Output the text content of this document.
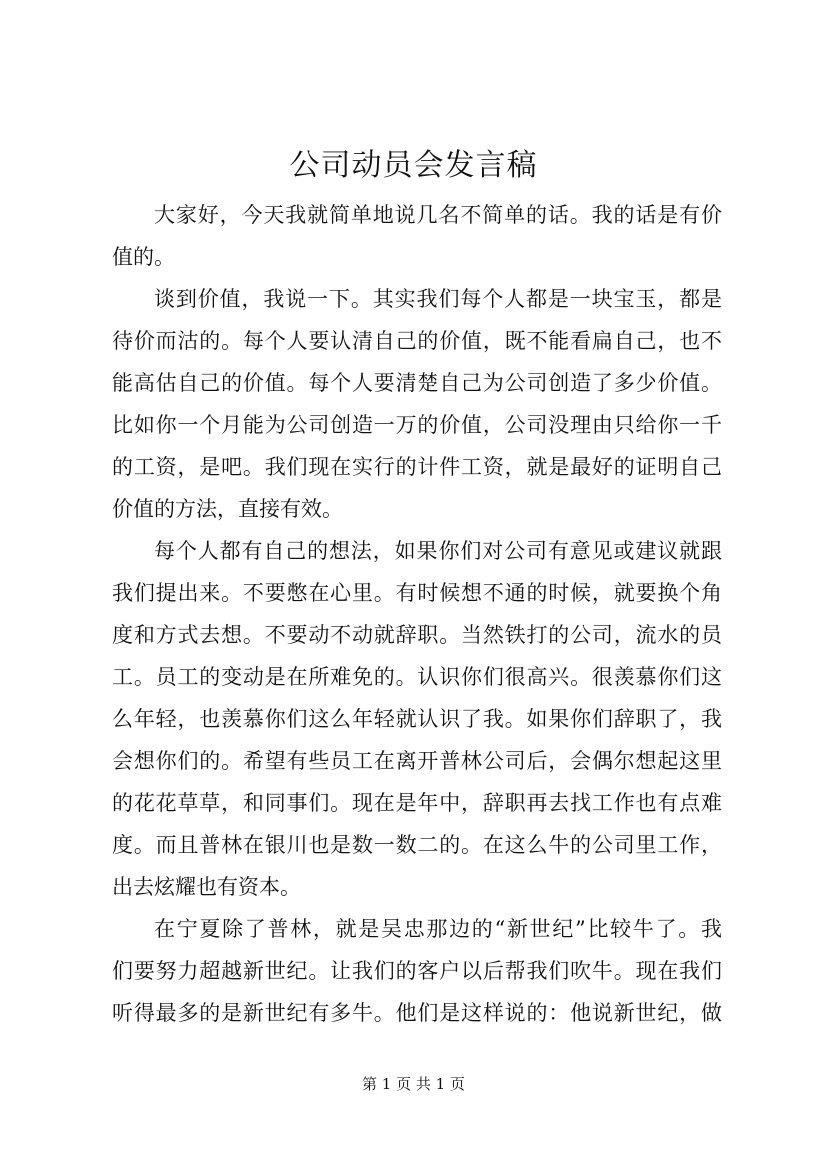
公司动员会发言稿
大家好，今天我就简单地说几名不简单的话。我的话是有价
值的。
谈到价值，我说一下。其实我们每个人都是一块宝玉，都是
待价而沽的。每个人要认清自己的价值，既不能看扁自己，也不
能高估自己的价值。每个人要清楚自己为公司创造了多少价值。
比如你一个月能为公司创造一万的价值，公司没理由只给你一千
的工资，是吧。我们现在实行的计件工资，就是最好的证明自己
价值的方法，直接有效。
每个人都有自己的想法，如果你们对公司有意见或建议就跟
我们提出来。不要憋在心里。有时候想不通的时候，就要换个角
度和方式去想。不要动不动就辞职。当然铁打的公司，流水的员
工。员工的变动是在所难免的。认识你们很高兴。很羡慕你们这
么年轻，也羡慕你们这么年轻就认识了我。如果你们辞职了，我
会想你们的。希望有些员工在离开普林公司后，会偶尔想起这里
的花花草草，和同事们。现在是年中，辞职再去找工作也有点难
度。而且普林在银川也是数一数二的。在这么牛的公司里工作，
出去炫耀也有资本。
在宁夏除了普林，就是吴忠那边的“新世纪”比较牛了。我
们要努力超越新世纪。让我们的客户以后帮我们吹牛。现在我们
听得最多的是新世纪有多牛。他们是这样说的：他说新世纪，做
第 1 页 共 1 页
